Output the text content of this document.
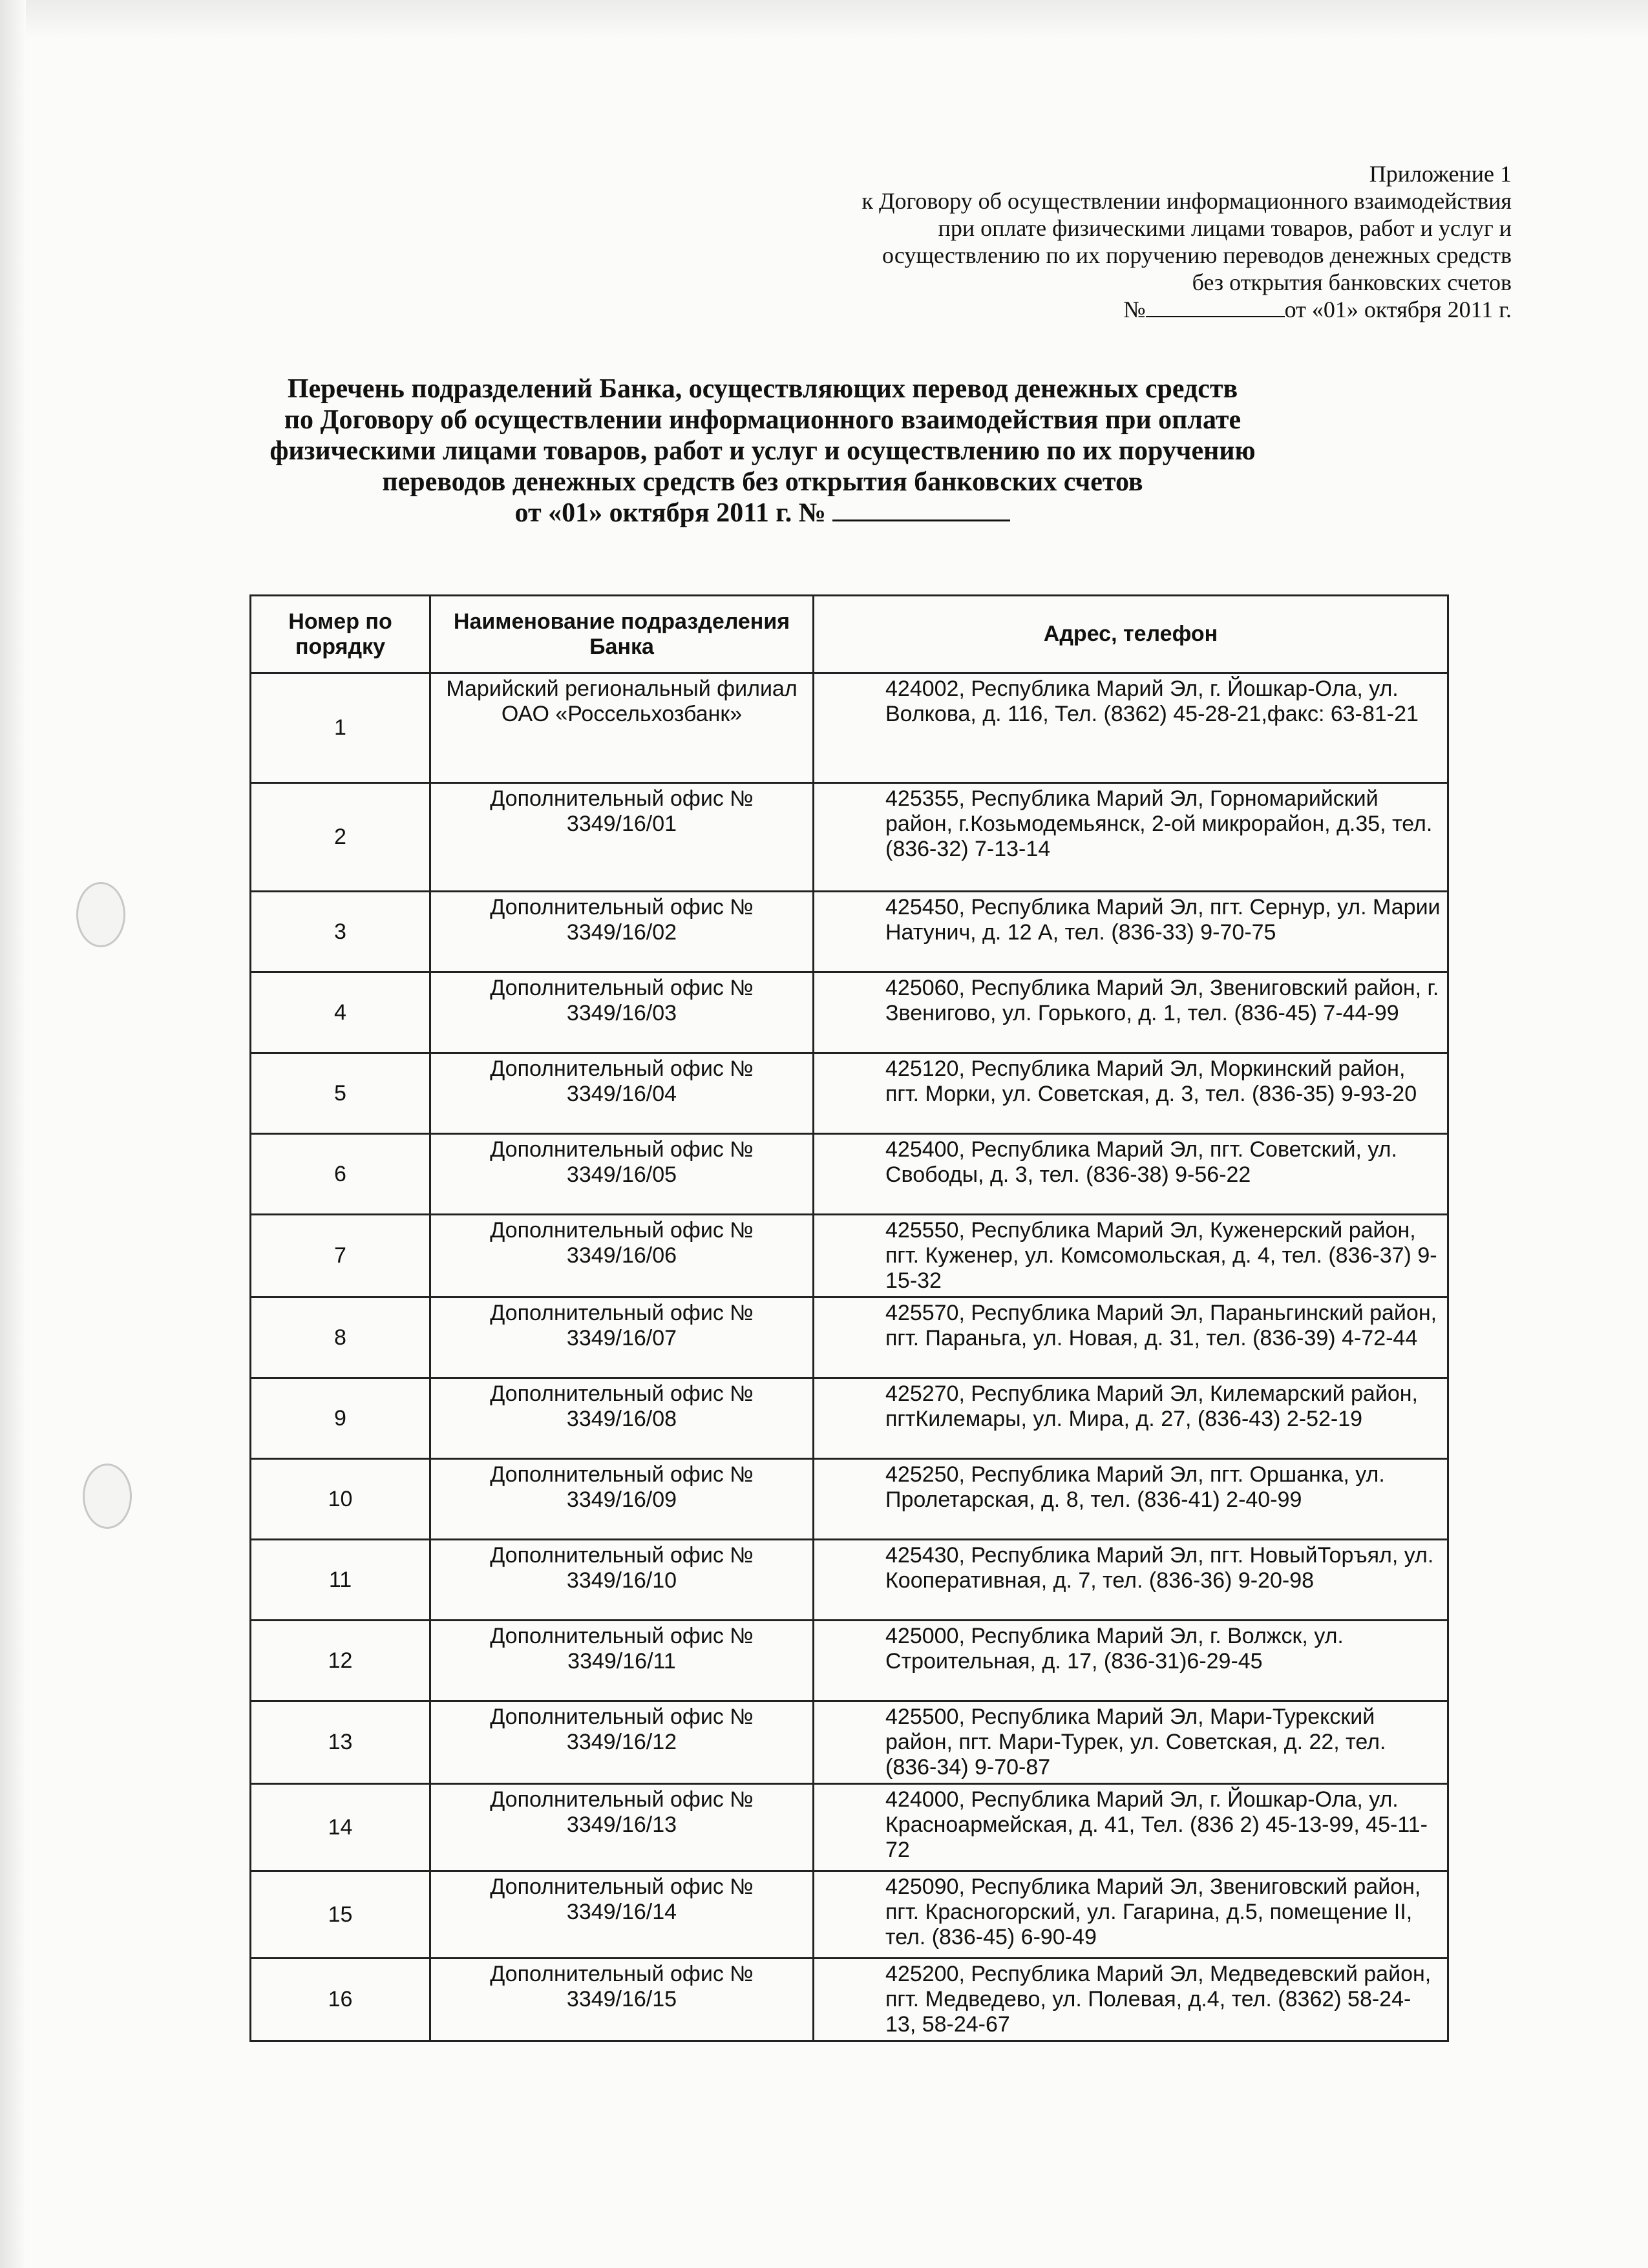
Приложение 1
к Договору об осуществлении информационного взаимодействия
при оплате физическими лицами товаров, работ и услуг и
осуществлению по их поручению переводов денежных средств
без открытия банковских счетов
№	от «01» октября 2011 г.
Перечень подразделений Банка, осуществляющих перевод денежных средств
по Договору об осуществлении информационного взаимодействия при оплате
физическими лицами товаров, работ и услуг и осуществлению по их поручению
переводов денежных средств без открытия банковских счетов
от «01» октября 2011 г. №
Номер по порядку	Наименование подразделения Банка	Адрес, телефон
1	Марийский региональный филиал ОАО «Россельхозбанк»	424002, Республика Марий Эл, г. Йошкар-Ола, ул. Волкова, д. 116, Тел. (8362) 45-28-21,факс: 63-81-21
2	Дополнительный офис № 3349/16/01	425355, Республика Марий Эл, Горномарийский район, г.Козьмодемьянск, 2-ой микрорайон, д.35, тел. (836-32) 7-13-14
3	Дополнительный офис № 3349/16/02	425450, Республика Марий Эл, пгт. Сернур, ул. Марии Натунич, д. 12 А, тел. (836-33) 9-70-75
4	Дополнительный офис № 3349/16/03	425060, Республика Марий Эл, Звенигoвский район, г. Звенигово, ул. Горького, д. 1, тел. (836-45) 7-44-99
5	Дополнительный офис № 3349/16/04	425120, Республика Марий Эл, Моркинский район, пгт. Морки, ул. Советская, д. 3, тел. (836-35) 9-93-20
6	Дополнительный офис № 3349/16/05	425400, Республика Марий Эл, пгт. Советский, ул. Свободы, д. 3, тел. (836-38) 9-56-22
7	Дополнительный офис № 3349/16/06	425550, Республика Марий Эл, Куженерский район, пгт. Куженер, ул. Комсомольская, д. 4, тел. (836-37) 9-15-32
8	Дополнительный офис № 3349/16/07	425570, Республика Марий Эл, Параньгинский район, пгт. Параньга, ул. Новая, д. 31, тел. (836-39) 4-72-44
9	Дополнительный офис № 3349/16/08	425270, Республика Марий Эл, Килемарский район, пгтКилемары, ул. Мира, д. 27, (836-43) 2-52-19
10	Дополнительный офис № 3349/16/09	425250, Республика Марий Эл, пгт. Оршанка, ул. Пролетарская, д. 8, тел. (836-41) 2-40-99
11	Дополнительный офис № 3349/16/10	425430, Республика Марий Эл, пгт. НовыйТоръял, ул. Кооперативная, д. 7, тел. (836-36) 9-20-98
12	Дополнительный офис № 3349/16/11	425000, Республика Марий Эл, г. Волжск, ул. Строительная, д. 17, (836-31)6-29-45
13	Дополнительный офис № 3349/16/12	425500, Республика Марий Эл, Мари-Турекский район, пгт. Мари-Турек, ул. Советская, д. 22, тел. (836-34) 9-70-87
14	Дополнительный офис № 3349/16/13	424000, Республика Марий Эл, г. Йошкар-Ола, ул. Красноармейская, д. 41, Тел. (836 2) 45-13-99, 45-11-72
15	Дополнительный офис № 3349/16/14	425090, Республика Марий Эл, Звениговский район, пгт. Красногорский, ул. Гагарина, д.5, помещение II, тел. (836-45) 6-90-49
16	Дополнительный офис № 3349/16/15	425200, Республика Марий Эл, Медведевский район, пгт. Медведево, ул. Полевая, д.4, тел. (8362) 58-24-13, 58-24-67
